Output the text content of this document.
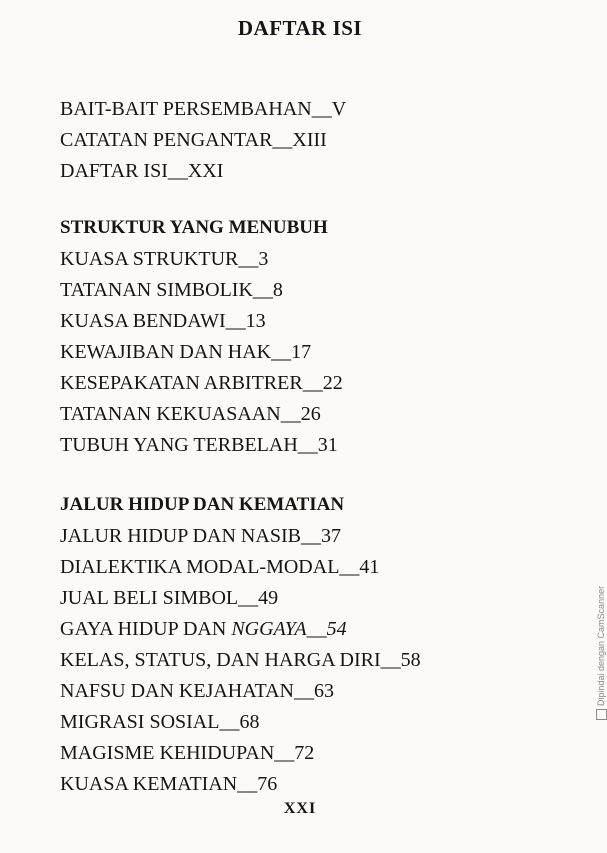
DAFTAR ISI
BAIT-BAIT PERSEMBAHAN__V
CATATAN PENGANTAR__XIII
DAFTAR ISI__XXI
STRUKTUR YANG MENUBUH
KUASA STRUKTUR__3
TATANAN SIMBOLIK__8
KUASA BENDAWI__13
KEWAJIBAN DAN HAK__17
KESEPAKATAN ARBITRER__22
TATANAN KEKUASAAN__26
TUBUH YANG TERBELAH__31
JALUR HIDUP DAN KEMATIAN
JALUR HIDUP DAN NASIB__37
DIALEKTIKA MODAL-MODAL__41
JUAL BELI SIMBOL__49
GAYA HIDUP DAN NGGAYA__54
KELAS, STATUS, DAN HARGA DIRI__58
NAFSU DAN KEJAHATAN__63
MIGRASI SOSIAL__68
MAGISME KEHIDUPAN__72
KUASA KEMATIAN__76
XXI
Dipindai dengan CamScanner
